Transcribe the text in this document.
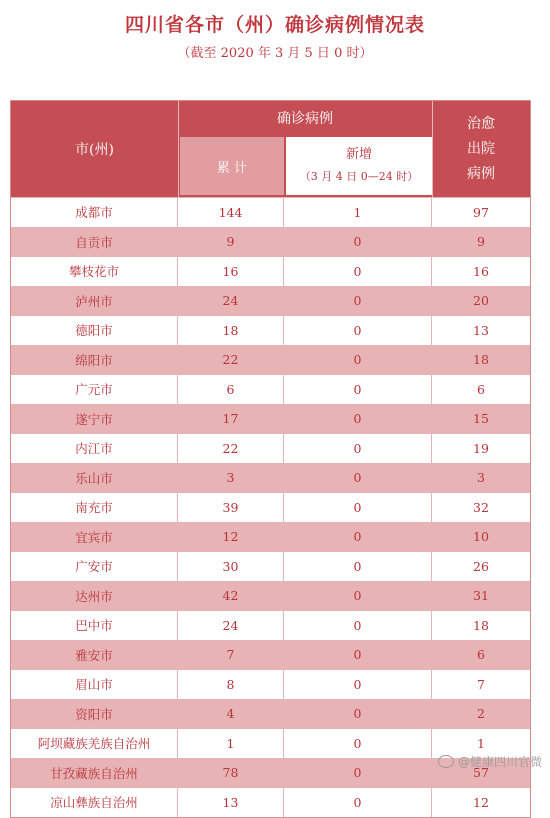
四川省各市（州）确诊病例情况表
（截至 2020 年 3 月 5 日 0 时）
市(州)
确诊病例
累 计
新增
（3 月 4 日 0—24 时）
治愈
出院
病例
成都市	144	1	97
自贡市	9	0	9
攀枝花市	16	0	16
泸州市	24	0	20
德阳市	18	0	13
绵阳市	22	0	18
广元市	6	0	6
遂宁市	17	0	15
内江市	22	0	19
乐山市	3	0	3
南充市	39	0	32
宜宾市	12	0	10
广安市	30	0	26
达州市	42	0	31
巴中市	24	0	18
雅安市	7	0	6
眉山市	8	0	7
资阳市	4	0	2
阿坝藏族羌族自治州	1	0	1
甘孜藏族自治州	78	0	57
凉山彝族自治州	13	0	12
@健康四川官微
